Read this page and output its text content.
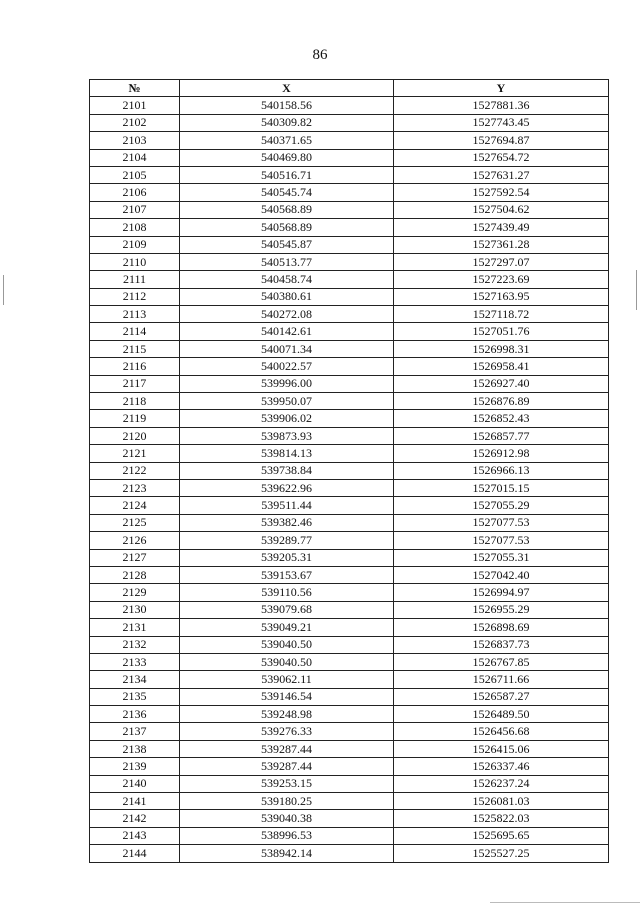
86
№	X	Y
2101	540158.56	1527881.36
2102	540309.82	1527743.45
2103	540371.65	1527694.87
2104	540469.80	1527654.72
2105	540516.71	1527631.27
2106	540545.74	1527592.54
2107	540568.89	1527504.62
2108	540568.89	1527439.49
2109	540545.87	1527361.28
2110	540513.77	1527297.07
2111	540458.74	1527223.69
2112	540380.61	1527163.95
2113	540272.08	1527118.72
2114	540142.61	1527051.76
2115	540071.34	1526998.31
2116	540022.57	1526958.41
2117	539996.00	1526927.40
2118	539950.07	1526876.89
2119	539906.02	1526852.43
2120	539873.93	1526857.77
2121	539814.13	1526912.98
2122	539738.84	1526966.13
2123	539622.96	1527015.15
2124	539511.44	1527055.29
2125	539382.46	1527077.53
2126	539289.77	1527077.53
2127	539205.31	1527055.31
2128	539153.67	1527042.40
2129	539110.56	1526994.97
2130	539079.68	1526955.29
2131	539049.21	1526898.69
2132	539040.50	1526837.73
2133	539040.50	1526767.85
2134	539062.11	1526711.66
2135	539146.54	1526587.27
2136	539248.98	1526489.50
2137	539276.33	1526456.68
2138	539287.44	1526415.06
2139	539287.44	1526337.46
2140	539253.15	1526237.24
2141	539180.25	1526081.03
2142	539040.38	1525822.03
2143	538996.53	1525695.65
2144	538942.14	1525527.25
